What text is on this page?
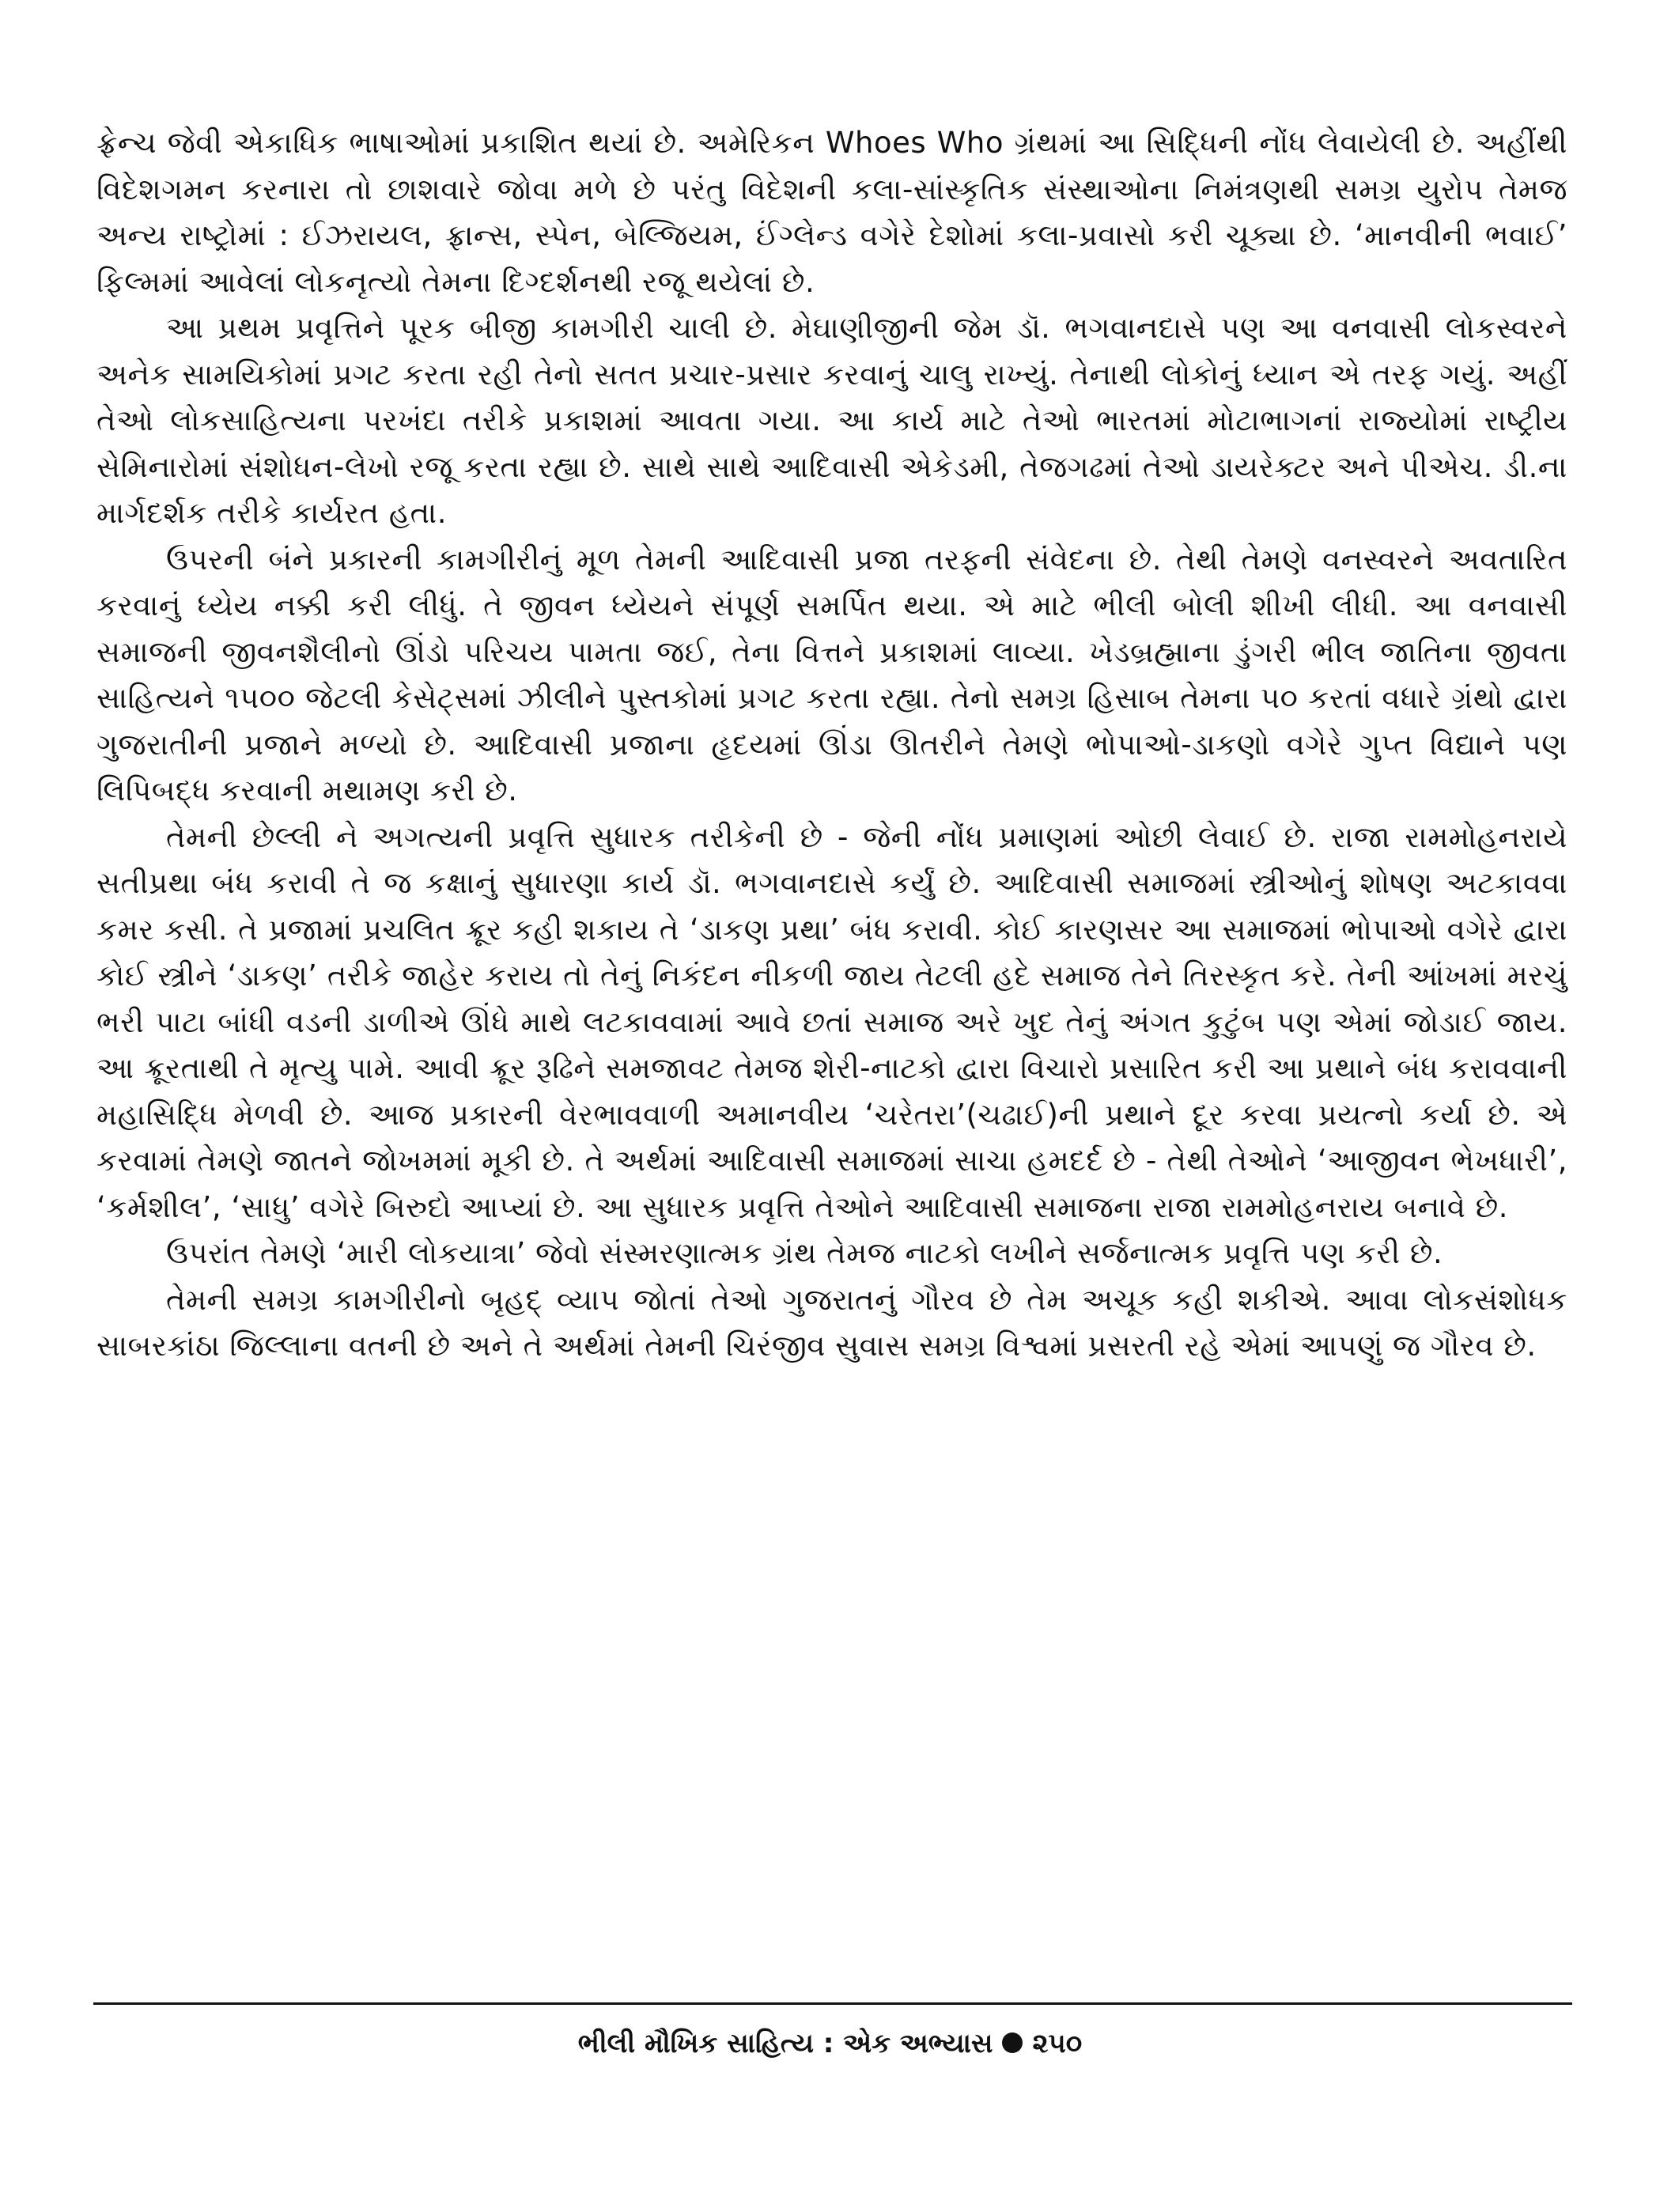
ફ્રેન્ચ જેવી એકાધિક ભાષાઓમાં પ્રકાશિત થયાં છે. અમેરિકન Whoes Who ગ્રંથમાં આ સિદ્ધિની નોંધ લેવાયેલી છે. અહીંથી વિદેશગમન કરનારા તો છાશવારે જોવા મળે છે પરંતુ વિદેશની કલા-સાંસ્કૃતિક સંસ્થાઓના નિમંત્રણથી સમગ્ર યુરોપ તેમજ અન્ય રાષ્ટ્રોમાં : ઈઝરાયલ, ફ્રાન્સ, સ્પેન, બેલ્જિયમ, ઈંગ્લેન્ડ વગેરે દેશોમાં કલા-પ્રવાસો કરી ચૂક્યા છે. ‘માનવીની ભવાઈ’ ફિલ્મમાં આવેલાં લોકનૃત્યો તેમના દિગ્દર્શનથી રજૂ થયેલાં છે.

આ પ્રથમ પ્રવૃત્તિને પૂરક બીજી કામગીરી ચાલી છે. મેઘાણીજીની જેમ ડૉ. ભગવાનદાસે પણ આ વનવાસી લોકસ્વરને અનેક સામયિકોમાં પ્રગટ કરતા રહી તેનો સતત પ્રચાર-પ્રસાર કરવાનું ચાલુ રાખ્યું. તેનાથી લોકોનું ધ્યાન એ તરફ ગયું. અહીં તેઓ લોકસાહિત્યના પરખંદા તરીકે પ્રકાશમાં આવતા ગયા. આ કાર્ય માટે તેઓ ભારતમાં મોટાભાગનાં રાજ્યોમાં રાષ્ટ્રીય સેમિનારોમાં સંશોધન-લેખો રજૂ કરતા રહ્યા છે. સાથે સાથે આદિવાસી એકેડમી, તેજગઢમાં તેઓ ડાયરેક્ટર અને પીએચ. ડી.ના માર્ગદર્શક તરીકે કાર્યરત હતા.

ઉપરની બંને પ્રકારની કામગીરીનું મૂળ તેમની આદિવાસી પ્રજા તરફની સંવેદના છે. તેથી તેમણે વનસ્વરને અવતારિત કરવાનું ધ્યેય નક્કી કરી લીધું. તે જીવન ધ્યેયને સંપૂર્ણ સમર્પિત થયા. એ માટે ભીલી બોલી શીખી લીધી. આ વનવાસી સમાજની જીવનશૈલીનો ઊંડો પરિચય પામતા જઈ, તેના વિત્તને પ્રકાશમાં લાવ્યા. ખેડબ્રહ્માના ડુંગરી ભીલ જાતિના જીવતા સાહિત્યને ૧૫૦૦ જેટલી કેસેટ્સમાં ઝીલીને પુસ્તકોમાં પ્રગટ કરતા રહ્યા. તેનો સમગ્ર હિસાબ તેમના ૫૦ કરતાં વધારે ગ્રંથો દ્વારા ગુજરાતીની પ્રજાને મળ્યો છે. આદિવાસી પ્રજાના હૃદયમાં ઊંડા ઊતરીને તેમણે ભોપાઓ-ડાકણો વગેરે ગુપ્ત વિદ્યાને પણ લિપિબદ્ધ કરવાની મથામણ કરી છે.

તેમની છેલ્લી ને અગત્યની પ્રવૃત્તિ સુધારક તરીકેની છે - જેની નોંધ પ્રમાણમાં ઓછી લેવાઈ છે. રાજા રામમોહનરાયે સતીપ્રથા બંધ કરાવી તે જ કક્ષાનું સુધારણા કાર્ય ડૉ. ભગવાનદાસે કર્યું છે. આદિવાસી સમાજમાં સ્ત્રીઓનું શોષણ અટકાવવા કમર કસી. તે પ્રજામાં પ્રચલિત ક્રૂર કહી શકાય તે ‘ડાકણ પ્રથા’ બંધ કરાવી. કોઈ કારણસર આ સમાજમાં ભોપાઓ વગેરે દ્વારા કોઈ સ્ત્રીને ‘ડાકણ’ તરીકે જાહેર કરાય તો તેનું નિકંદન નીકળી જાય તેટલી હદે સમાજ તેને તિરસ્કૃત કરે. તેની આંખમાં મરચું ભરી પાટા બાંધી વડની ડાળીએ ઊંધે માથે લટકાવવામાં આવે છતાં સમાજ અરે ખુદ તેનું અંગત કુટુંબ પણ એમાં જોડાઈ જાય. આ ક્રૂરતાથી તે મૃત્યુ પામે. આવી ક્રૂર રૂઢિને સમજાવટ તેમજ શેરી-નાટકો દ્વારા વિચારો પ્રસારિત કરી આ પ્રથાને બંધ કરાવવાની મહાસિદ્ધિ મેળવી છે. આજ પ્રકારની વેરભાવવાળી અમાનવીય ‘ચરેતરા’(ચઢાઈ)ની પ્રથાને દૂર કરવા પ્રયત્નો કર્યા છે. એ કરવામાં તેમણે જાતને જોખમમાં મૂકી છે. તે અર્થમાં આદિવાસી સમાજમાં સાચા હમદર્દ છે - તેથી તેઓને ‘આજીવન ભેખધારી’, ‘કર્મશીલ’, ‘સાધુ’ વગેરે બિરુદો આપ્યાં છે. આ સુધારક પ્રવૃત્તિ તેઓને આદિવાસી સમાજના રાજા રામમોહનરાય બનાવે છે.

ઉપરાંત તેમણે ‘મારી લોકયાત્રા’ જેવો સંસ્મરણાત્મક ગ્રંથ તેમજ નાટકો લખીને સર્જનાત્મક પ્રવૃત્તિ પણ કરી છે.

તેમની સમગ્ર કામગીરીનો બૃહદ્ વ્યાપ જોતાં તેઓ ગુજરાતનું ગૌરવ છે તેમ અચૂક કહી શકીએ. આવા લોકસંશોધક સાબરકાંઠા જિલ્લાના વતની છે અને તે અર્થમાં તેમની ચિરંજીવ સુવાસ સમગ્ર વિશ્વમાં પ્રસરતી રહે એમાં આપણું જ ગૌરવ છે.

ભીલી મૌખિક સાહિત્ય : એક અભ્યાસ ૨૫૦
